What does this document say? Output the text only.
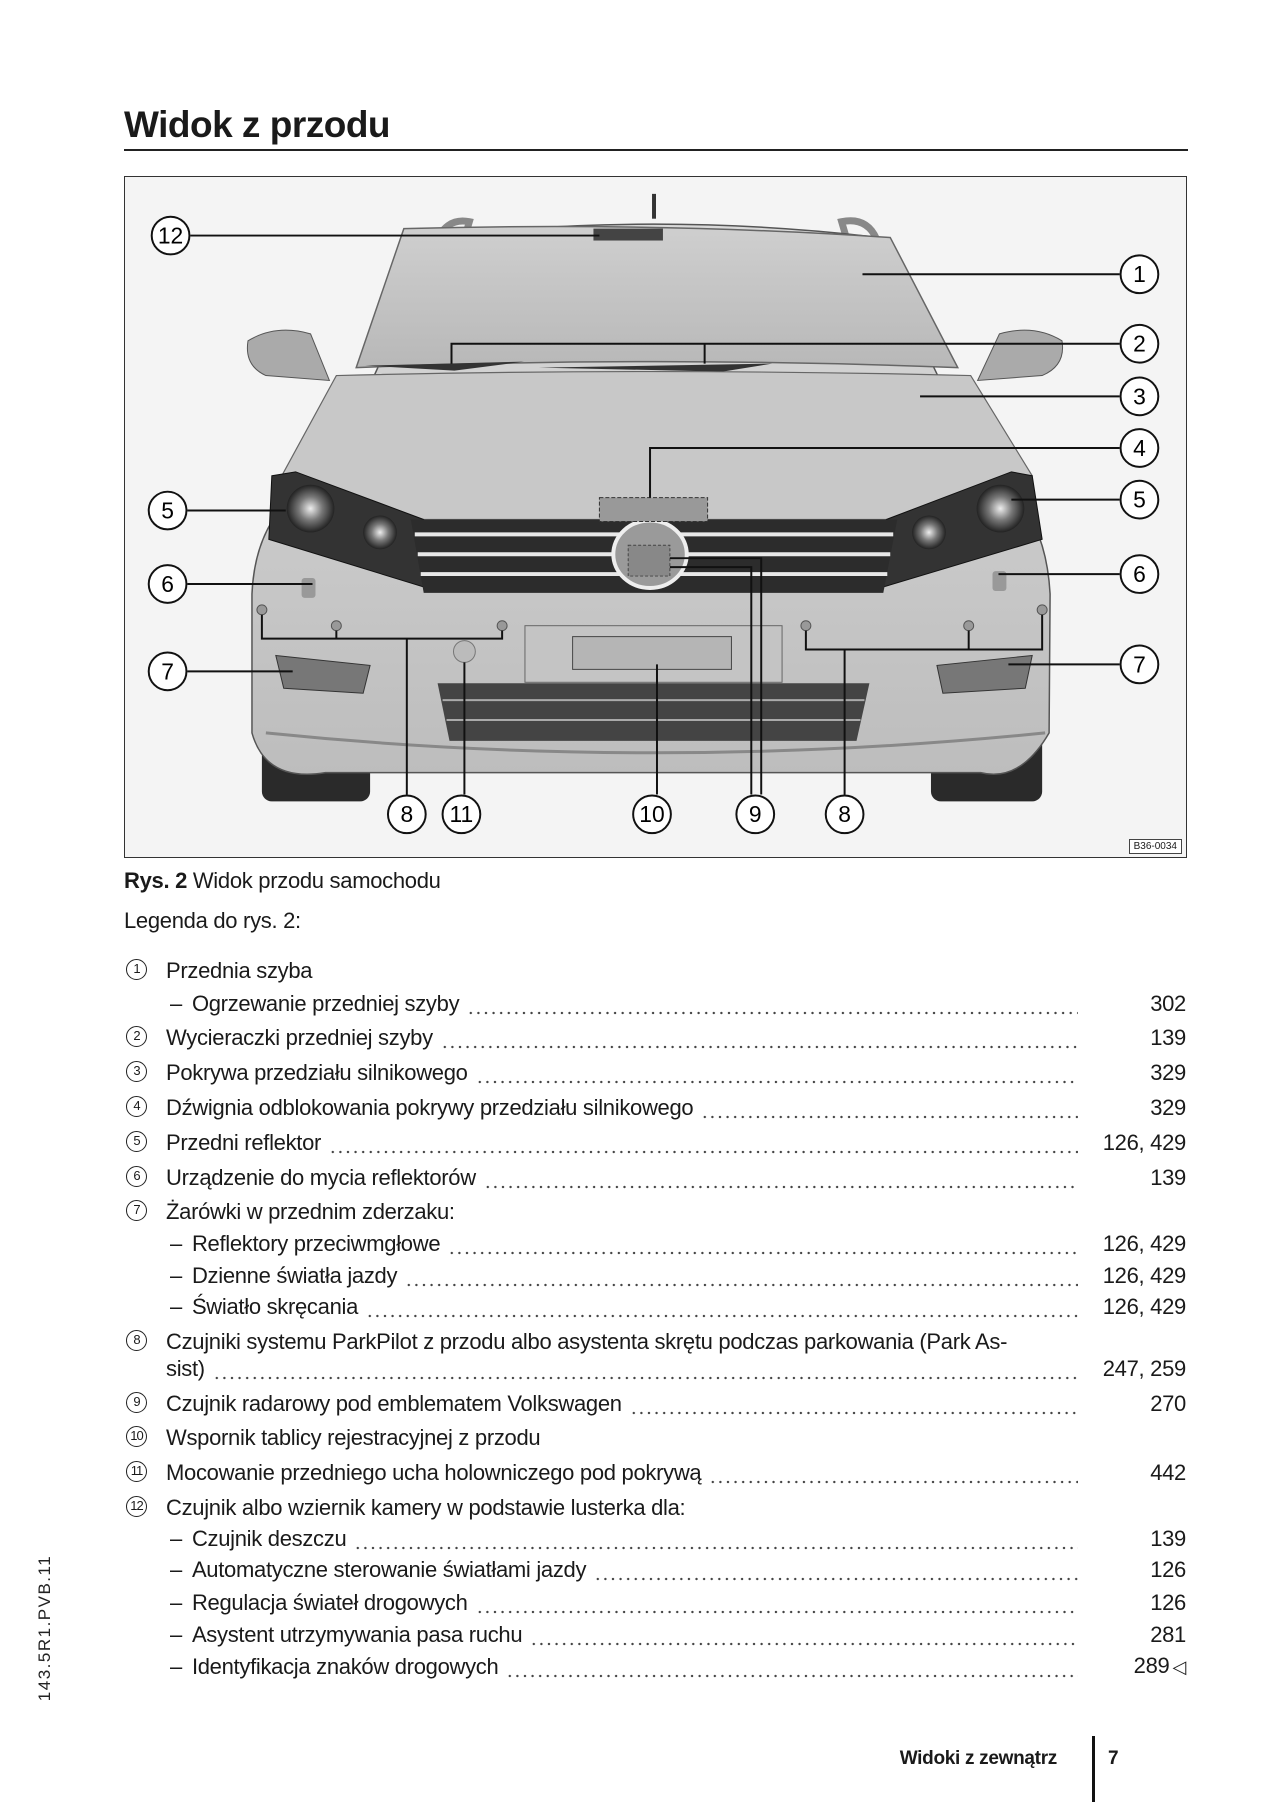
Widok z przodu
12
1
2
3
4
5
5
6
6
7
7
8 11	10	9	8
B36-0034
Rys. 2 Widok przodu samochodu
Legenda do rys. 2:
1	Przednia szyba
– Ogrzewanie przedniej szyby	302
2	Wycieraczki przedniej szyby	139
3	Pokrywa przedziału silnikowego	329
4	Dźwignia odblokowania pokrywy przedziału silnikowego	329
5	Przedni reflektor	126, 429
6	Urządzenie do mycia reflektorów	139
7	Żarówki w przednim zderzaku:
– Reflektory przeciwmgłowe	126, 429
– Dzienne światła jazdy	126, 429
– Światło skręcania	126, 429
8	Czujniki systemu ParkPilot z przodu albo asystenta skrętu podczas parkowania (Park As-
sist)	247, 259
9	Czujnik radarowy pod emblematem Volkswagen	270
10 Wspornik tablicy rejestracyjnej z przodu
11 Mocowanie przedniego ucha holowniczego pod pokrywą	442
12 Czujnik albo wziernik kamery w podstawie lusterka dla:
– Czujnik deszczu	139
– Automatyczne sterowanie światłami jazdy	126
– Regulacja świateł drogowych	126
– Asystent utrzymywania pasa ruchu	281
– Identyfikacja znaków drogowych	289 ◁
Widoki z zewnątrz	7
143.5R1.PVB.11
